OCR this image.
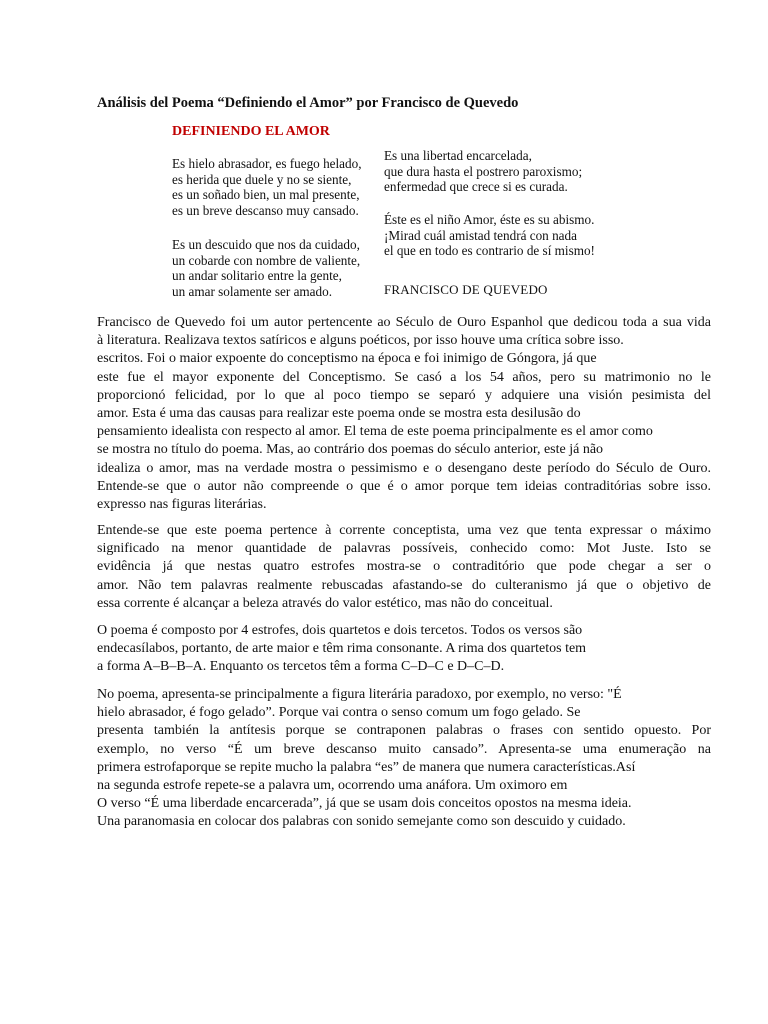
Análisis del Poema “Definiendo el Amor” por Francisco de Quevedo
DEFINIENDO EL AMOR
Es hielo abrasador, es fuego helado,
es herida que duele y no se siente,
es un soñado bien, un mal presente,
es un breve descanso muy cansado.
Es un descuido que nos da cuidado,
un cobarde con nombre de valiente,
un andar solitario entre la gente,
un amar solamente ser amado.
Es una libertad encarcelada,
que dura hasta el postrero paroxismo;
enfermedad que crece si es curada.
Éste es el niño Amor, éste es su abismo.
¡Mirad cuál amistad tendrá con nada
el que en todo es contrario de sí mismo!
FRANCISCO DE QUEVEDO
Francisco de Quevedo foi um autor pertencente ao Século de Ouro Espanhol que dedicou toda a sua vida
à literatura. Realizava textos satíricos e alguns poéticos, por isso houve uma crítica sobre isso.
escritos. Foi o maior expoente do conceptismo na época e foi inimigo de Góngora, já que
este fue el mayor exponente del Conceptismo. Se casó a los 54 años, pero su matrimonio no le
proporcionó felicidad, por lo que al poco tiempo se separó y adquiere una visión pesimista del
amor. Esta é uma das causas para realizar este poema onde se mostra esta desilusão do
pensamiento idealista con respecto al amor. El tema de este poema principalmente es el amor como
se mostra no título do poema. Mas, ao contrário dos poemas do século anterior, este já não
idealiza o amor, mas na verdade mostra o pessimismo e o desengano deste período do Século de Ouro.
Entende-se que o autor não compreende o que é o amor porque tem ideias contraditórias sobre isso.
expresso nas figuras literárias.
Entende-se que este poema pertence à corrente conceptista, uma vez que tenta expressar o máximo
significado na menor quantidade de palavras possíveis, conhecido como: Mot Juste. Isto se
evidência já que nestas quatro estrofes mostra-se o contraditório que pode chegar a ser o
amor. Não tem palavras realmente rebuscadas afastando-se do culteranismo já que o objetivo de
essa corrente é alcançar a beleza através do valor estético, mas não do conceitual.
O poema é composto por 4 estrofes, dois quartetos e dois tercetos. Todos os versos são
endecasílabos, portanto, de arte maior e têm rima consonante. A rima dos quartetos tem
a forma A–B–B–A. Enquanto os tercetos têm a forma C–D–C e D–C–D.
No poema, apresenta-se principalmente a figura literária paradoxo, por exemplo, no verso: "É
hielo abrasador, é fogo gelado”. Porque vai contra o senso comum um fogo gelado. Se
presenta también la antítesis porque se contraponen palabras o frases con sentido opuesto. Por
exemplo, no verso “É um breve descanso muito cansado”. Apresenta-se uma enumeração na
primera estrofaporque se repite mucho la palabra “es” de manera que numera características.Así
na segunda estrofe repete-se a palavra um, ocorrendo uma anáfora. Um oximoro em
O verso “É uma liberdade encarcerada”, já que se usam dois conceitos opostos na mesma ideia.
Una paranomasia en colocar dos palabras con sonido semejante como son descuido y cuidado.
